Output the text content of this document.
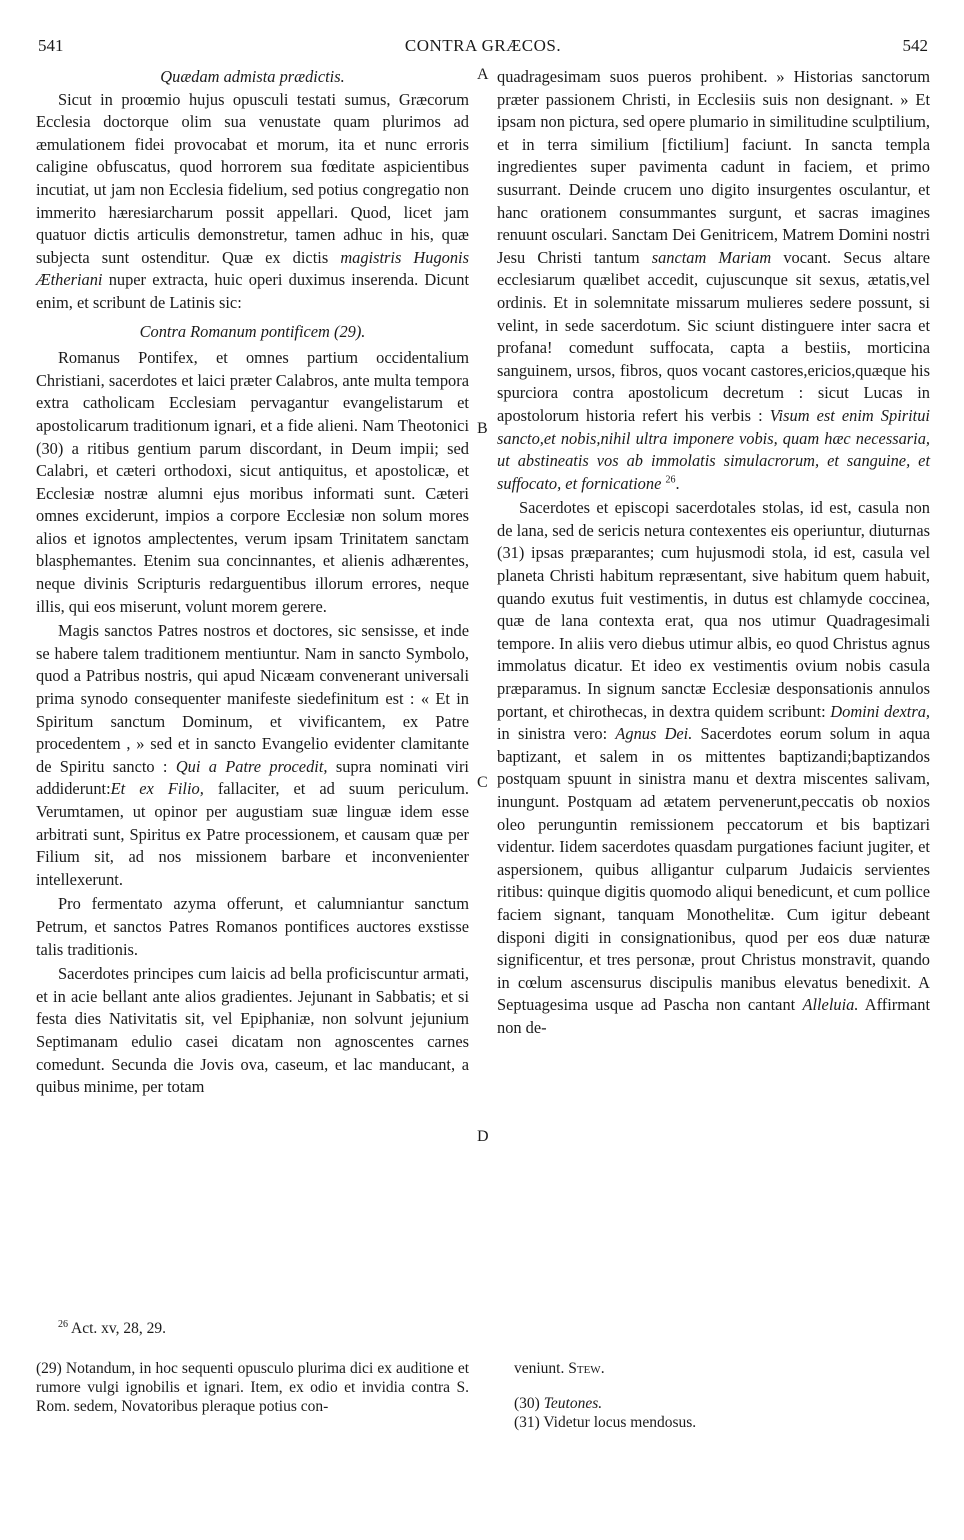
541	CONTRA GRÆCOS.	542
Quædam admista prædictis.

Sicut in proœmio hujus opusculi testati sumus, Græcorum Ecclesia doctorque olim sua venustate quam plurimos ad æmulationem fidei provocabat et morum, ita et nunc erroris caligine obfuscatus, quod horrorem sua fœditate aspicientibus incutiat, ut jam non Ecclesia fidelium, sed potius congregatio non immerito hæresiarcharum possit appellari. Quod, licet jam quatuor dictis articulis demonstretur, tamen adhuc in his, quæ subjecta sunt ostenditur. Quæ ex dictis magistris Hugonis Ætheriani nuper extracta, huic operi duximus inserenda. Dicunt enim, et scribunt de Latinis sic:

Contra Romanum pontificem (29).

Romanus Pontifex, et omnes partium occidentalium Christiani, sacerdotes et laici præter Calabros, ante multa tempora extra catholicam Ecclesiam pervagantur evangelistarum et apostolicarum traditionum ignari, et a fide alieni. Nam Theotonici (30) a ritibus gentium parum discordant, in Deum impii; sed Calabri, et cæteri orthodoxi, sicut antiquitus, et apostolicæ, et Ecclesiæ nostræ alumni ejus moribus informati sunt. Cæteri omnes exciderunt, impios a corpore Ecclesiæ non solum mores alios et ignotos amplectentes, verum ipsam Trinitatem sanctam blasphemantes. Etenim sua concinnantes, et alienis adhærentes, neque divinis Scripturis redarguentibus illorum errores, neque illis, qui eos miserunt, volunt morem gerere.

Magis sanctos Patres nostros et doctores, sic sensisse, et inde se habere talem traditionem mentiuntur. Nam in sancto Symbolo, quod a Patribus nostris, qui apud Nicæam convenerant universali prima synodo consequenter manifeste siedefinitum est : « Et in Spiritum sanctum Dominum, et vivificantem, ex Patre procedentem , » sed et in sancto Evangelio evidenter clamitante de Spiritu sancto : Qui a Patre procedit, supra nominati viri addiderunt:Et ex Filio, fallaciter, et ad suum periculum. Verumtamen, ut opinor per augustiam suæ linguæ idem esse arbitrati sunt, Spiritus ex Patre processionem, et causam quæ per Filium sit, ad nos missionem barbare et inconvenienter intellexerunt.

Pro fermentato azyma offerunt, et calumniantur sanctum Petrum, et sanctos Patres Romanos pontifices auctores exstisse talis traditionis.

Sacerdotes principes cum laicis ad bella proficiscuntur armati, et in acie bellant ante alios gradientes. Jejunant in Sabbatis; et si festa dies Nativitatis sit, vel Epiphaniæ, non solvunt jejunium Septimanam edulio casei dicatam non agnoscentes carnes comedunt. Secunda die Jovis ova, caseum, et lac manducant, a quibus minime, per totam

A
B
C
D

quadragesimam suos pueros prohibent. » Historias sanctorum præter passionem Christi, in Ecclesiis suis non designant. » Et ipsam non pictura, sed opere plumario in similitudine sculptilium, et in terra similium [fictilium] faciunt. In sancta templa ingredientes super pavimenta cadunt in faciem, et primo susurrant. Deinde crucem uno digito insurgentes osculantur, et hanc orationem consummantes surgunt, et sacras imagines renuunt osculari. Sanctam Dei Genitricem, Matrem Domini nostri Jesu Christi tantum sanctam Mariam vocant. Secus altare ecclesiarum quælibet accedit, cujuscunque sit sexus, ætatis,vel ordinis. Et in solemnitate missarum mulieres sedere possunt, si velint, in sede sacerdotum. Sic sciunt distinguere inter sacra et profana! comedunt suffocata, capta a bestiis, morticina sanguinem, ursos, fibros, quos vocant castores,ericios,quæque his spurciora contra apostolicum decretum : sicut Lucas in apostolorum historia refert his verbis : Visum est enim Spiritui sancto,et nobis,nihil ultra imponere vobis, quam hæc necessaria, ut abstineatis vos ab immolatis simulacrorum, et sanguine, et suffocato, et fornicatione $^{26}$.

Sacerdotes et episcopi sacerdotales stolas, id est, casula non de lana, sed de sericis netura contexentes eis operiuntur, diuturnas (31) ipsas præparantes; cum hujusmodi stola, id est, casula vel planeta Christi habitum repræsentant, sive habitum quem habuit, quando exutus fuit vestimentis, in dutus est chlamyde coccinea, quæ de lana contexta erat, qua nos utimur Quadragesimali tempore. In aliis vero diebus utimur albis, eo quod Christus agnus immolatus dicatur. Et ideo ex vestimentis ovium nobis casula præparamus. In signum sanctæ Ecclesiæ desponsationis annulos portant, et chirothecas, in dextra quidem scribunt: Domini dextra, in sinistra vero: Agnus Dei. Sacerdotes eorum solum in aqua baptizant, et salem in os mittentes baptizandi;baptizandos postquam spuunt in sinistra manu et dextra miscentes salivam, inungunt. Postquam ad ætatem pervenerunt,peccatis ob noxios oleo perunguntin remissionem peccatorum et bis baptizari videntur. Iidem sacerdotes quasdam purgationes faciunt jugiter, et aspersionem, quibus alligantur culparum Judaicis servientes ritibus: quinque digitis quomodo aliqui benedicunt, et cum pollice faciem signant, tanquam Monothelitæ. Cum igitur debeant disponi digiti in consignationibus, quod per eos duæ naturæ significentur, et tres personæ, prout Christus monstravit, quando in cœlum ascensurus discipulis manibus elevatus benedixit. A Septuagesima usque ad Pascha non cantant Alleluia. Affirmant non de-

$^{26}$ Act. xv, 28, 29.
(29) Notandum, in hoc sequenti opusculo plurima dici ex auditione et rumore vulgi ignobilis et ignari. Item, ex odio et invidia contra S. Rom. sedem, Novatoribus pleraque potius con-

veniunt. Stew.

(30) Teutones.

(31) Videtur locus mendosus.
